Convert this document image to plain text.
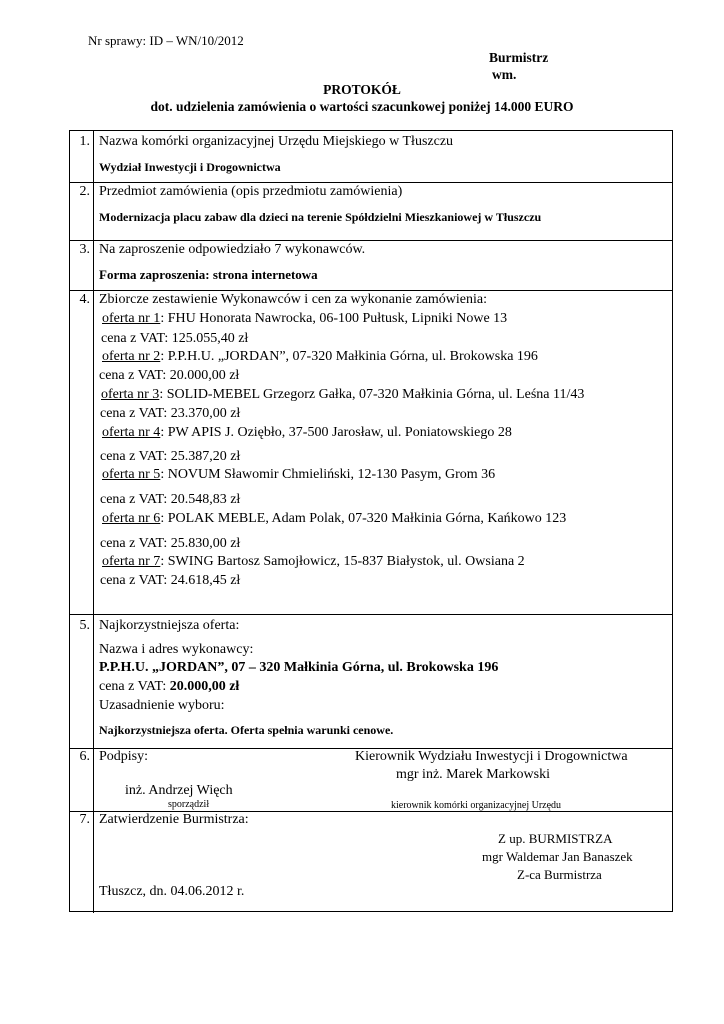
Nr sprawy: ID – WN/10/2012
Burmistrz
wm.
PROTOKÓŁ
dot. udzielenia zamówienia o wartości szacunkowej poniżej 14.000 EURO
1. Nazwa komórki organizacyjnej Urzędu Miejskiego w Tłuszczu
Wydział Inwestycji i Drogownictwa
2. Przedmiot zamówienia (opis przedmiotu zamówienia)
Modernizacja placu zabaw dla dzieci na terenie Spółdzielni Mieszkaniowej w Tłuszczu
3. Na zaproszenie odpowiedziało 7 wykonawców.
Forma zaproszenia: strona internetowa
4. Zbiorcze zestawienie Wykonawców i cen za wykonanie zamówienia:
oferta nr 1: FHU Honorata Nawrocka, 06-100 Pułtusk, Lipniki Nowe 13
cena z VAT: 125.055,40 zł
oferta nr 2: P.P.H.U. „JORDAN”, 07-320 Małkinia Górna, ul. Brokowska 196
cena z VAT: 20.000,00 zł
oferta nr 3: SOLID-MEBEL Grzegorz Gałka, 07-320 Małkinia Górna, ul. Leśna 11/43
cena z VAT: 23.370,00 zł
oferta nr 4: PW APIS J. Oziębło, 37-500 Jarosław, ul. Poniatowskiego 28
cena z VAT: 25.387,20 zł
oferta nr 5: NOVUM Sławomir Chmieliński, 12-130 Pasym, Grom 36
cena z VAT: 20.548,83 zł
oferta nr 6: POLAK MEBLE, Adam Polak, 07-320 Małkinia Górna, Kańkowo 123
cena z VAT: 25.830,00 zł
oferta nr 7: SWING Bartosz Samojłowicz, 15-837 Białystok, ul. Owsiana 2
cena z VAT: 24.618,45 zł
5. Najkorzystniejsza oferta:
Nazwa i adres wykonawcy:
P.P.H.U. „JORDAN”, 07 – 320 Małkinia Górna, ul. Brokowska 196
cena z VAT: 20.000,00 zł
Uzasadnienie wyboru:
Najkorzystniejsza oferta. Oferta spełnia warunki cenowe.
6. Podpisy:	Kierownik Wydziału Inwestycji i Drogownictwa
mgr inż. Marek Markowski
inż. Andrzej Więch
sporządził	kierownik komórki organizacyjnej Urzędu
7. Zatwierdzenie Burmistrza:
Z up. BURMISTRZA
mgr Waldemar Jan Banaszek
Z-ca Burmistrza
Tłuszcz, dn. 04.06.2012 r.
